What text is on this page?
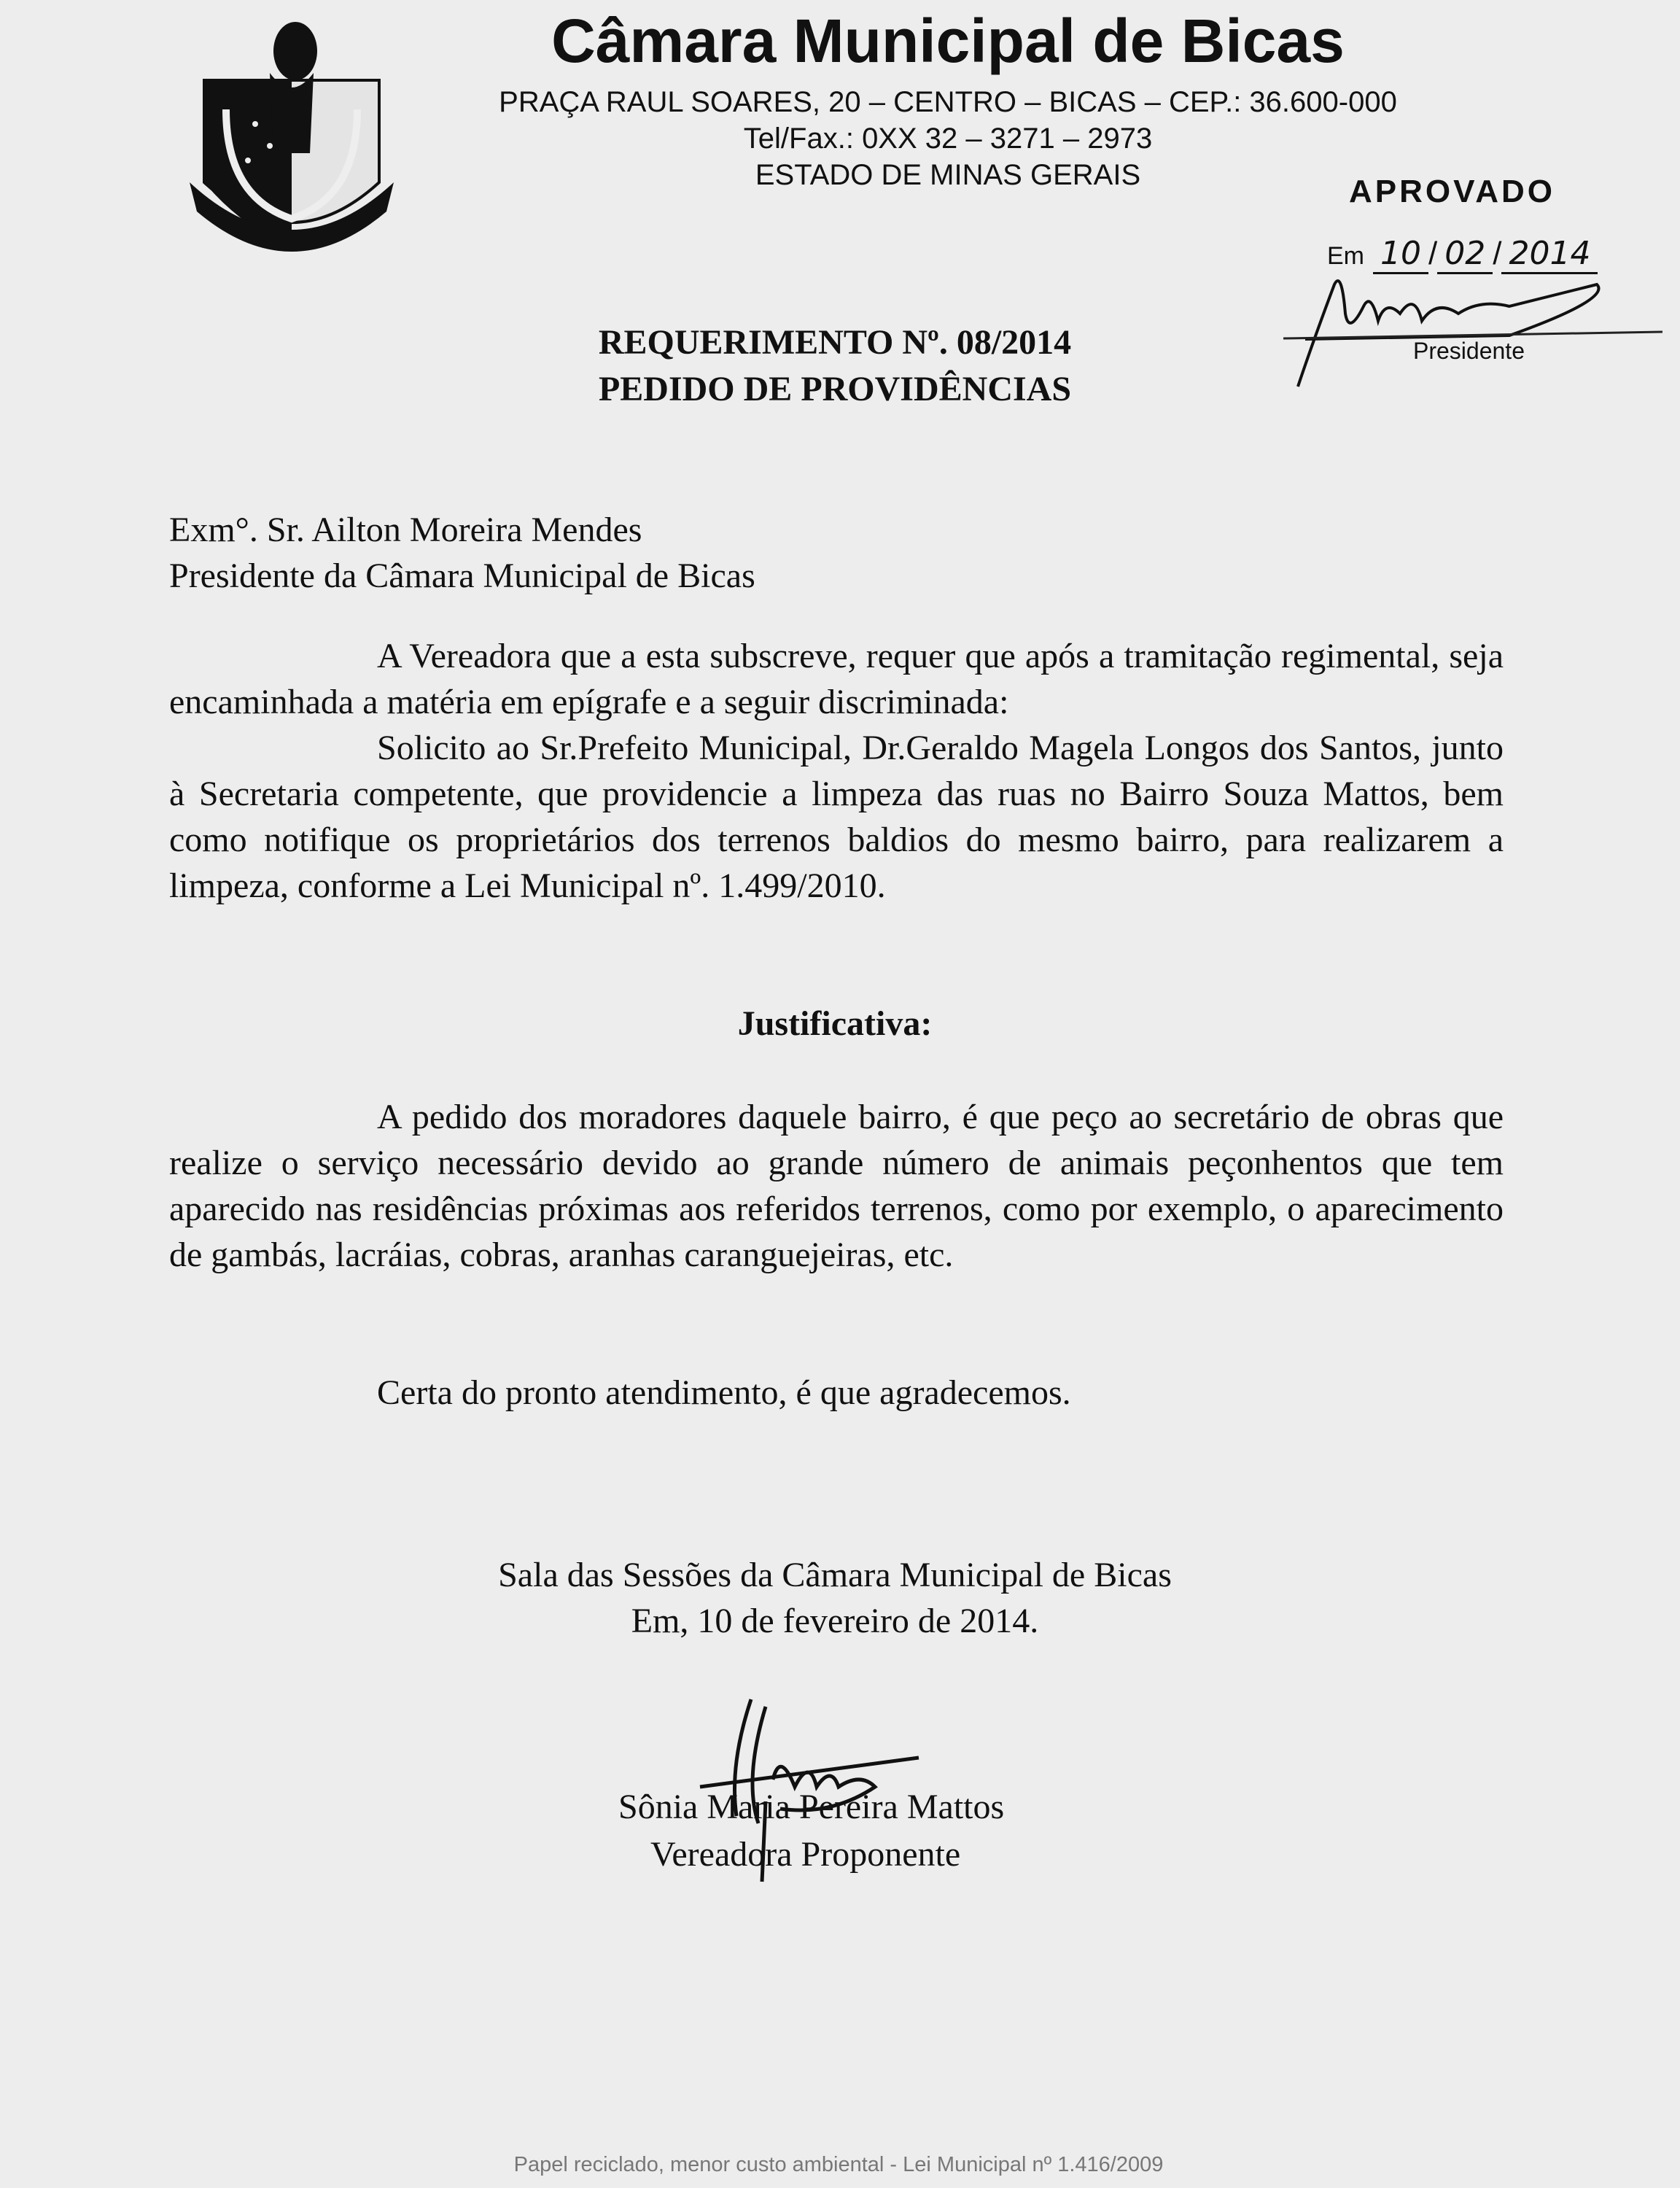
Câmara Municipal de Bicas
PRAÇA RAUL SOARES, 20 – CENTRO – BICAS – CEP.: 36.600-000
Tel/Fax.: 0XX 32 – 3271 – 2973
ESTADO DE MINAS GERAIS	APROVADO
Em 10 / 02 / 2014
Presidente
REQUERIMENTO Nº. 08/2014
PEDIDO DE PROVIDÊNCIAS
Exm°. Sr. Ailton Moreira Mendes
Presidente da Câmara Municipal de Bicas
A Vereadora que a esta subscreve, requer que após a tramitação regimental, seja encaminhada a matéria em epígrafe e a seguir discriminada:
Solicito ao Sr.Prefeito Municipal, Dr.Geraldo Magela Longos dos Santos, junto à Secretaria competente, que providencie a limpeza das ruas no Bairro Souza Mattos, bem como notifique os proprietários dos terrenos baldios do mesmo bairro, para realizarem a limpeza, conforme a Lei Municipal nº. 1.499/2010.
Justificativa:
A pedido dos moradores daquele bairro, é que peço ao secretário de obras que realize o serviço necessário devido ao grande número de animais peçonhentos que tem aparecido nas residências próximas aos referidos terrenos, como por exemplo, o aparecimento de gambás, lacráias, cobras, aranhas caranguejeiras, etc.
Certa do pronto atendimento, é que agradecemos.
Sala das Sessões da Câmara Municipal de Bicas
Em, 10 de fevereiro de 2014.
Sônia Maria Pereira Mattos
Vereadora Proponente
Papel reciclado, menor custo ambiental - Lei Municipal nº 1.416/2009
